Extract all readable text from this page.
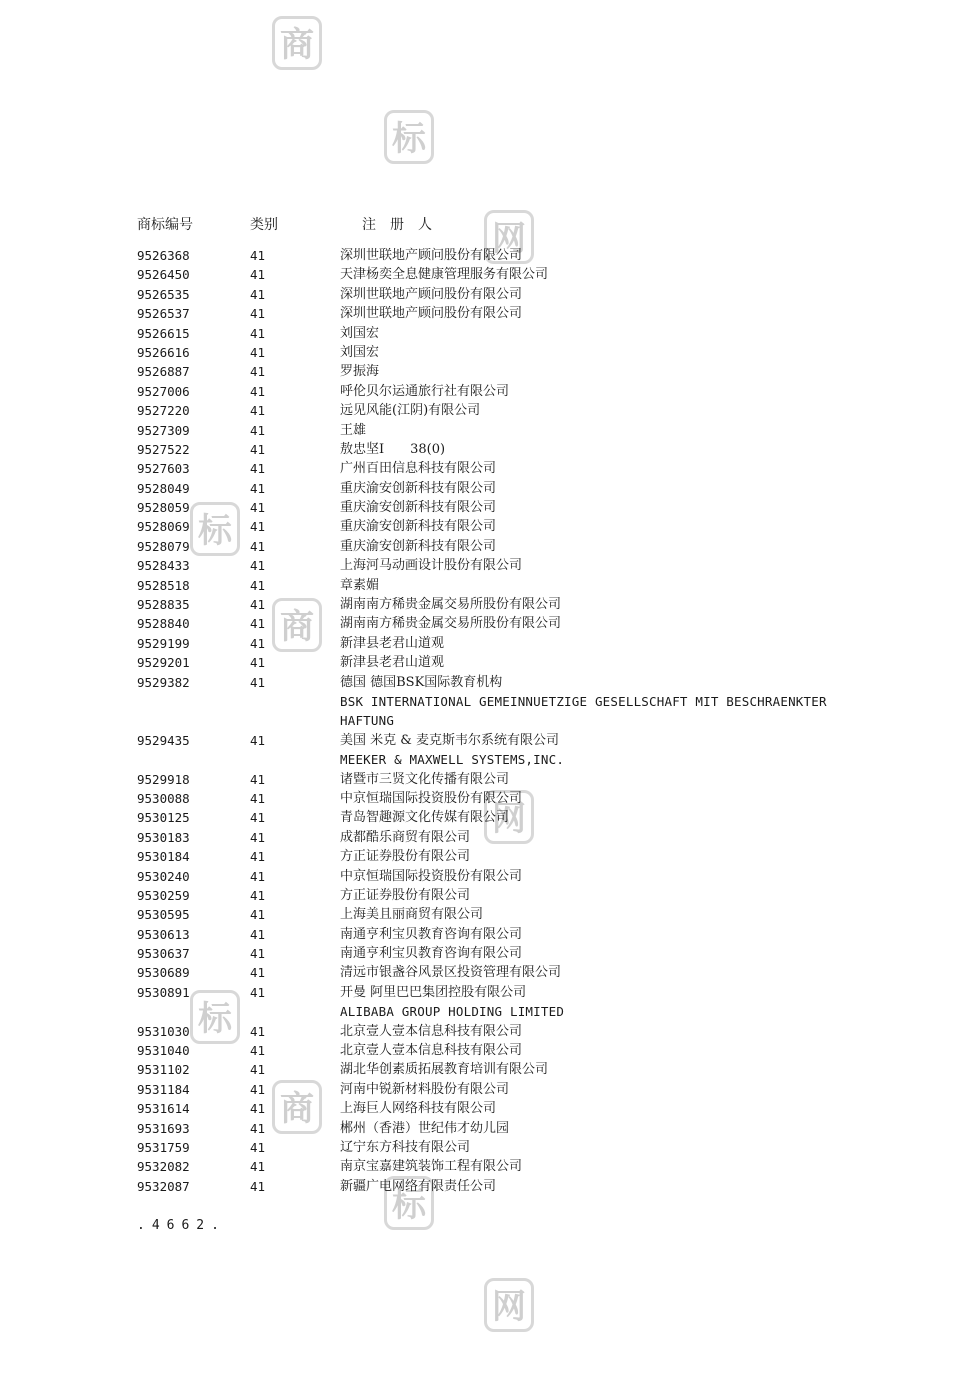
商
标
网
商
标
网
商
标
网
标
商标编号	类别	注　册　人
9526368	41	深圳世联地产顾问股份有限公司
9526450	41	天津杨奕全息健康管理服务有限公司
9526535	41	深圳世联地产顾问股份有限公司
9526537	41	深圳世联地产顾问股份有限公司
9526615	41	刘国宏
9526616	41	刘国宏
9526887	41	罗振海
9527006	41	呼伦贝尔运通旅行社有限公司
9527220	41	远见风能(江阴)有限公司
9527309	41	王雄
9527522	41	敖忠坚I　　38(0)
9527603	41	广州百田信息科技有限公司
9528049	41	重庆渝安创新科技有限公司
9528059	41	重庆渝安创新科技有限公司
9528069	41	重庆渝安创新科技有限公司
9528079	41	重庆渝安创新科技有限公司
9528433	41	上海河马动画设计股份有限公司
9528518	41	章素媚
9528835	41	湖南南方稀贵金属交易所股份有限公司
9528840	41	湖南南方稀贵金属交易所股份有限公司
9529199	41	新津县老君山道观
9529201	41	新津县老君山道观
9529382	41	德国 德国BSK国际教育机构
BSK INTERNATIONAL GEMEINNUETZIGE GESELLSCHAFT MIT BESCHRAENKTER
HAFTUNG
9529435	41	美国 米克 & 麦克斯韦尔系统有限公司
MEEKER & MAXWELL SYSTEMS,INC.
9529918	41	诸暨市三贤文化传播有限公司
9530088	41	中京恒瑞国际投资股份有限公司
9530125	41	青岛智趣源文化传媒有限公司
9530183	41	成都酷乐商贸有限公司
9530184	41	方正证券股份有限公司
9530240	41	中京恒瑞国际投资股份有限公司
9530259	41	方正证券股份有限公司
9530595	41	上海美且丽商贸有限公司
9530613	41	南通亨利宝贝教育咨询有限公司
9530637	41	南通亨利宝贝教育咨询有限公司
9530689	41	清远市银盏谷风景区投资管理有限公司
9530891	41	开曼 阿里巴巴集团控股有限公司
ALIBABA GROUP HOLDING LIMITED
9531030	41	北京壹人壹本信息科技有限公司
9531040	41	北京壹人壹本信息科技有限公司
9531102	41	湖北华创素质拓展教育培训有限公司
9531184	41	河南中锐新材料股份有限公司
9531614	41	上海巨人网络科技有限公司
9531693	41	郴州（香港）世纪伟才幼儿园
9531759	41	辽宁东方科技有限公司
9532082	41	南京宝嘉建筑装饰工程有限公司
9532087	41	新疆广电网络有限责任公司
.4662.
